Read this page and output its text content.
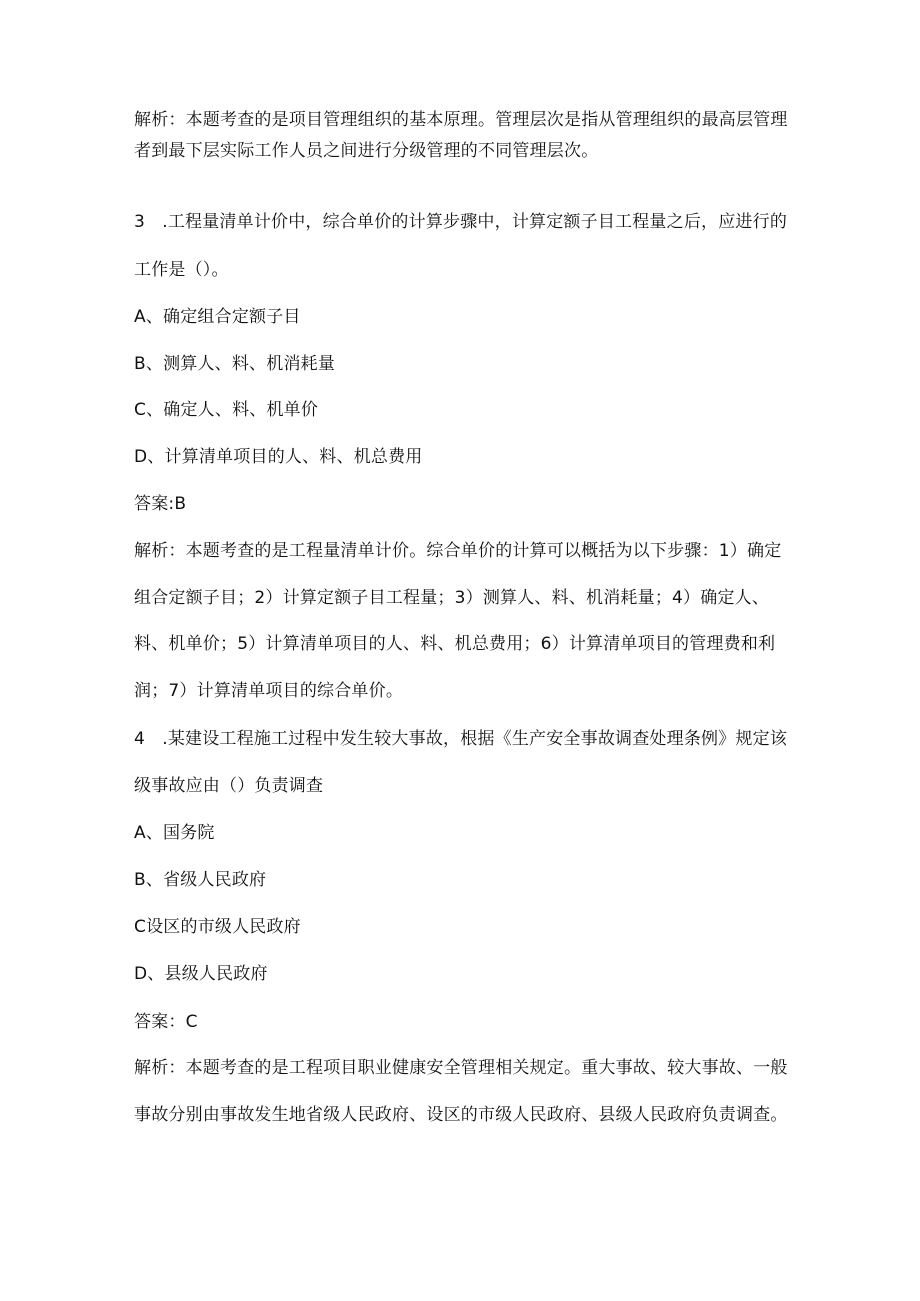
解析：本题考查的是项目管理组织的基本原理。管理层次是指从管理组织的最高层管理
者到最下层实际工作人员之间进行分级管理的不同管理层次。
3　.工程量清单计价中，综合单价的计算步骤中，计算定额子目工程量之后，应进行的
工作是（）。
A、确定组合定额子目
B、测算人、料、机消耗量
C、确定人、料、机单价
D、计算清单项目的人、料、机总费用
答案:B
解析：本题考查的是工程量清单计价。综合单价的计算可以概括为以下步骤：1）确定
组合定额子目；2）计算定额子目工程量；3）测算人、料、机消耗量；4）确定人、
料、机单价；5）计算清单项目的人、料、机总费用；6）计算清单项目的管理费和利
润；7）计算清单项目的综合单价。
4　.某建设工程施工过程中发生较大事故，根据《生产安全事故调查处理条例》规定该
级事故应由（）负责调查
A、国务院
B、省级人民政府
C设区的市级人民政府
D、县级人民政府
答案：C
解析：本题考查的是工程项目职业健康安全管理相关规定。重大事故、较大事故、一般
事故分别由事故发生地省级人民政府、设区的市级人民政府、县级人民政府负责调查。
